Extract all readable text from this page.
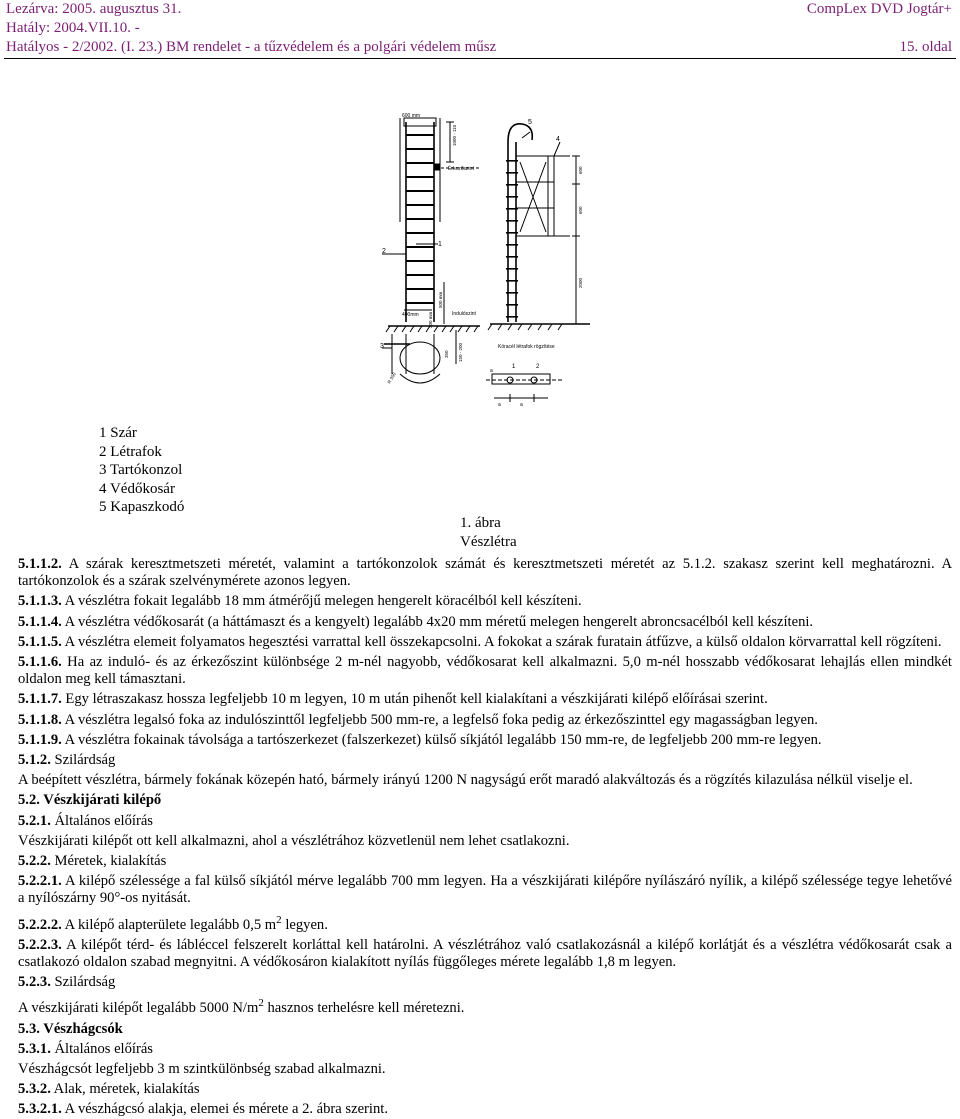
Lezárva: 2005. augusztus 31.
Hatály: 2004.VII.10. -
Hatályos - 2/2002. (I. 23.) BM rendelet - a tűzvédelem és a polgári védelem műsz
CompLex DVD Jogtár+
15. oldal
600 mm
1000 - 110
Érkezőszint
1
2
3
4
5
400mm
500 mm
200 mm	Indulószint
350 150 - 200
R 350
600
600
2000
Köracél létrafok rögzítése
1	2
a
a	a
1 Szár
2 Létrafok
3 Tartókonzol
4 Védőkosár
5 Kapaszkodó
1. ábra
Vészlétra

5.1.1.2. A szárak keresztmetszeti méretét, valamint a tartókonzolok számát és keresztmetszeti méretét az 5.1.2. szakasz szerint kell meghatározni. A tartókonzolok és a szárak szelvénymérete azonos legyen.

5.1.1.3. A vészlétra fokait legalább 18 mm átmérőjű melegen hengerelt köracélból kell készíteni.

5.1.1.4. A vészlétra védőkosarát (a háttámaszt és a kengyelt) legalább 4x20 mm méretű melegen hengerelt abroncsacélból kell készíteni.

5.1.1.5. A vészlétra elemeit folyamatos hegesztési varrattal kell összekapcsolni. A fokokat a szárak furatain átfűzve, a külső oldalon körvarrattal kell rögzíteni.

5.1.1.6. Ha az induló- és az érkezőszint különbsége 2 m-nél nagyobb, védőkosarat kell alkalmazni. 5,0 m-nél hosszabb védőkosarat lehajlás ellen mindkét oldalon meg kell támasztani.

5.1.1.7. Egy létraszakasz hossza legfeljebb 10 m legyen, 10 m után pihenőt kell kialakítani a vészkijárati kilépő előírásai szerint.

5.1.1.8. A vészlétra legalsó foka az indulószinttől legfeljebb 500 mm-re, a legfelső foka pedig az érkezőszinttel egy magasságban legyen.

5.1.1.9. A vészlétra fokainak távolsága a tartószerkezet (falszerkezet) külső síkjától legalább 150 mm-re, de legfeljebb 200 mm-re legyen.

5.1.2. Szilárdság

A beépített vészlétra, bármely fokának közepén ható, bármely irányú 1200 N nagyságú erőt maradó alakváltozás és a rögzítés kilazulása nélkül viselje el.

5.2. Vészkijárati kilépő

5.2.1. Általános előírás

Vészkijárati kilépőt ott kell alkalmazni, ahol a vészlétrához közvetlenül nem lehet csatlakozni.

5.2.2. Méretek, kialakítás

5.2.2.1. A kilépő szélessége a fal külső síkjától mérve legalább 700 mm legyen. Ha a vészkijárati kilépőre nyílászáró nyílik, a kilépő szélessége tegye lehetővé a nyílószárny 90°-os nyitását.

5.2.2.2. A kilépő alapterülete legalább 0,5 $m^2$ legyen.

5.2.2.3. A kilépőt térd- és lábléccel felszerelt korláttal kell határolni. A vészlétrához való csatlakozásnál a kilépő korlátját és a vészlétra védőkosarát csak a csatlakozó oldalon szabad megnyitni. A védőkosáron kialakított nyílás függőleges mérete legalább 1,8 m legyen.

5.2.3. Szilárdság

A vészkijárati kilépőt legalább 5000 $N/m^2$ hasznos terhelésre kell méretezni.

5.3. Vészhágcsók

5.3.1. Általános előírás

Vészhágcsót legfeljebb 3 m szintkülönbség szabad alkalmazni.

5.3.2. Alak, méretek, kialakítás

5.3.2.1. A vészhágcsó alakja, elemei és mérete a 2. ábra szerint.
